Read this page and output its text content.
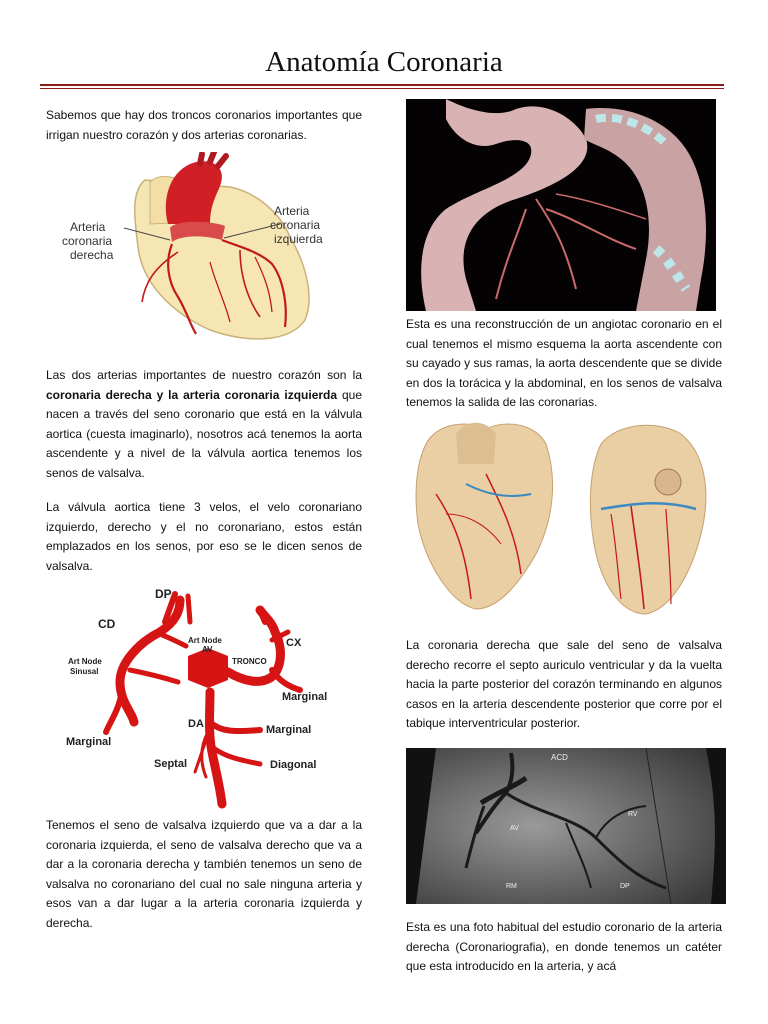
Anatomía Coronaria

Sabemos que hay dos troncos coronarios importantes que irrigan nuestro corazón y dos arterias coronarias.

Arteria
coronaria
derecha
Arteria
coronaria
izquierda

Las dos arterias importantes de nuestro corazón son la coronaria derecha y la arteria coronaria izquierda que nacen a través del seno coronario que está en la válvula aortica (cuesta imaginarlo), nosotros acá tenemos la aorta ascendente y a nivel de la válvula aortica tenemos los senos de valsalva.

La válvula aortica tiene 3 velos, el velo coronariano izquierdo, derecho y el no coronariano, estos están emplazados en los senos, por eso se le dicen senos de valsalva.

DP
CD
Art Node
AV
CX
Art Node
Sinusal
TRONCO
Marginal
DA	Marginal
Marginal
Septal	Diagonal

Tenemos el seno de valsalva izquierdo que va a dar a la coronaria izquierda, el seno de valsalva derecho que va a dar a la coronaria derecha y también tenemos un seno de valsalva no coronariano del cual no sale ninguna arteria y esos van a dar lugar a la arteria coronaria izquierda y derecha.

Esta es una reconstrucción de un angiotac coronario en el cual tenemos el mismo esquema la aorta ascendente con su cayado y sus ramas, la aorta descendente que se divide en dos la torácica y la abdominal, en los senos de valsalva tenemos la salida de las coronarias.

La coronaria derecha que sale del seno de valsalva derecho recorre el septo auriculo ventricular y da la vuelta hacia la parte posterior del corazón terminando en algunos casos en la arteria descendente posterior que corre por el tabique interventricular posterior.

ACD
RV
AV
RM	DP

Esta es una foto habitual del estudio coronario de la arteria derecha (Coronariografia), en donde tenemos un catéter que esta introducido en la arteria, y acá
